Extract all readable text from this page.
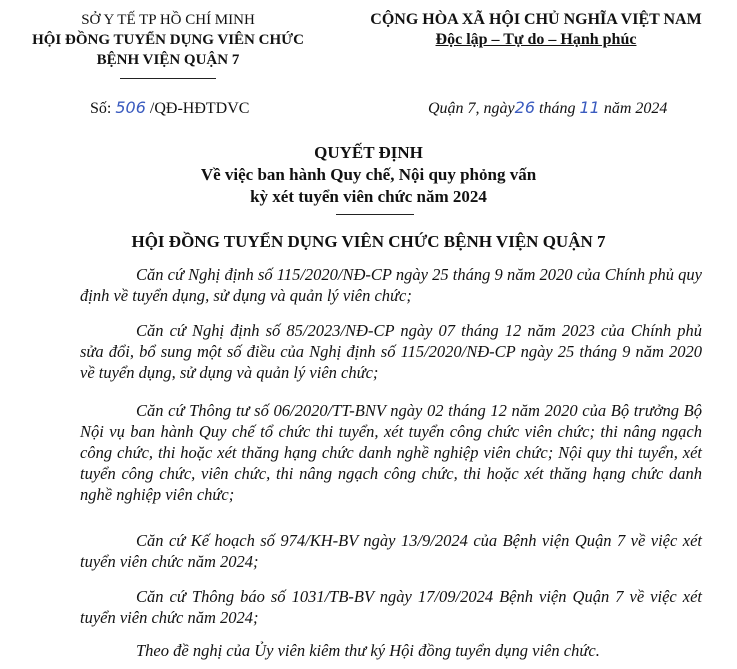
SỞ Y TẾ TP HỒ CHÍ MINH
HỘI ĐỒNG TUYỂN DỤNG VIÊN CHỨC
BỆNH VIỆN QUẬN 7
CỘNG HÒA XÃ HỘI CHỦ NGHĨA VIỆT NAM
Độc lập – Tự do – Hạnh phúc
Số: 506 /QĐ-HĐTDVC	Quận 7, ngày26 tháng 11 năm 2024
QUYẾT ĐỊNH
Về việc ban hành Quy chế, Nội quy phỏng vấn
kỳ xét tuyển viên chức năm 2024
HỘI ĐỒNG TUYỂN DỤNG VIÊN CHỨC BỆNH VIỆN QUẬN 7

Căn cứ Nghị định số 115/2020/NĐ-CP ngày 25 tháng 9 năm 2020 của Chính phủ quy định về tuyển dụng, sử dụng và quản lý viên chức;

Căn cứ Nghị định số 85/2023/NĐ-CP ngày 07 tháng 12 năm 2023 của Chính phủ sửa đổi, bổ sung một số điều của Nghị định số 115/2020/NĐ-CP ngày 25 tháng 9 năm 2020 về tuyển dụng, sử dụng và quản lý viên chức;

Căn cứ Thông tư số 06/2020/TT-BNV ngày 02 tháng 12 năm 2020 của Bộ trưởng Bộ Nội vụ ban hành Quy chế tổ chức thi tuyển, xét tuyển công chức viên chức; thi nâng ngạch công chức, thi hoặc xét thăng hạng chức danh nghề nghiệp viên chức; Nội quy thi tuyển, xét tuyển công chức, viên chức, thi nâng ngạch công chức, thi hoặc xét thăng hạng chức danh nghề nghiệp viên chức;

Căn cứ Kế hoạch số 974/KH-BV ngày 13/9/2024 của Bệnh viện Quận 7 về việc xét tuyển viên chức năm 2024;

Căn cứ Thông báo số 1031/TB-BV ngày 17/09/2024 Bệnh viện Quận 7 về việc xét tuyển viên chức năm 2024;

Theo đề nghị của Ủy viên kiêm thư ký Hội đồng tuyển dụng viên chức.
